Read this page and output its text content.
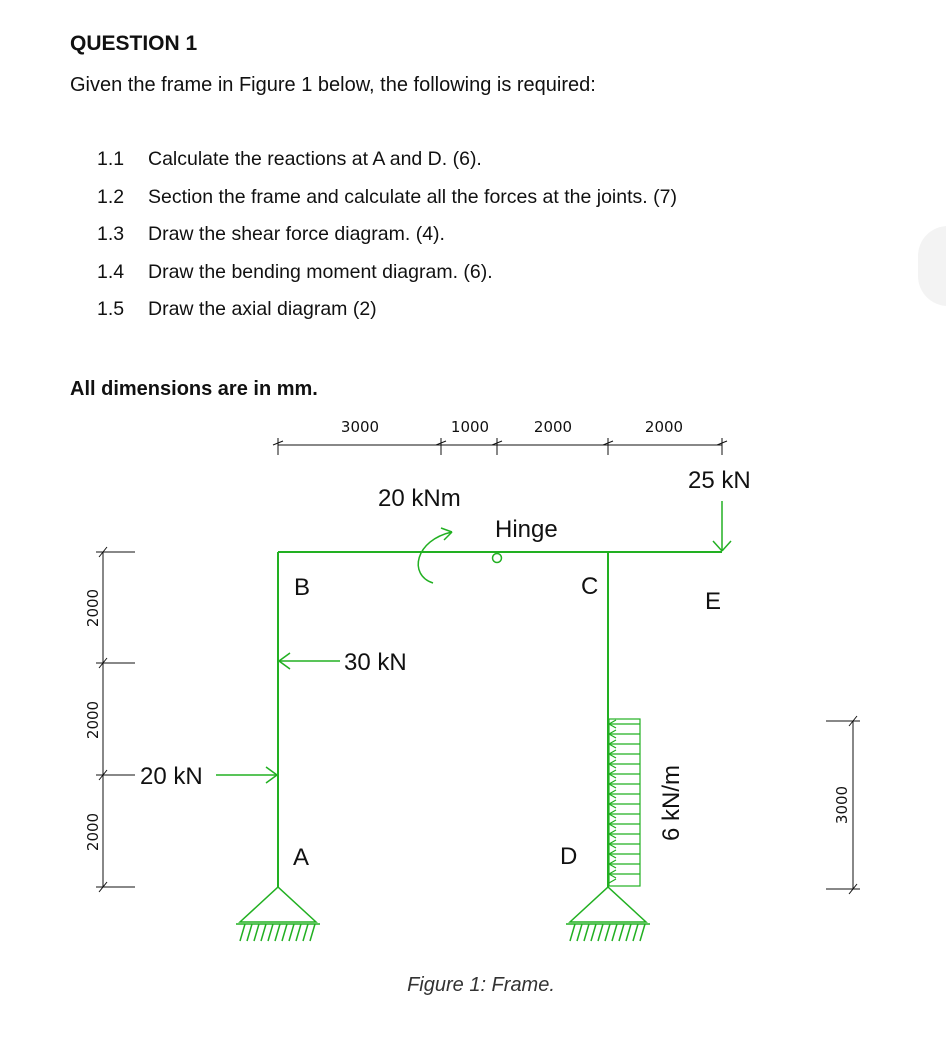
QUESTION 1

Given the frame in Figure 1 below, the following is required:

1.1	Calculate the reactions at A and D. (6).
1.2	Section the frame and calculate all the forces at the joints. (7)
1.3	Draw the shear force diagram. (4).
1.4	Draw the bending moment diagram. (6).
1.5	Draw the axial diagram (2)

All dimensions are in mm.

3000	1000	2000	2000
2000
2000
2000
3000
20 kNm
Hinge
25 kN
30 kN
20 kN	6 kN/m
A
B	C
D
E
Figure 1: Frame.
